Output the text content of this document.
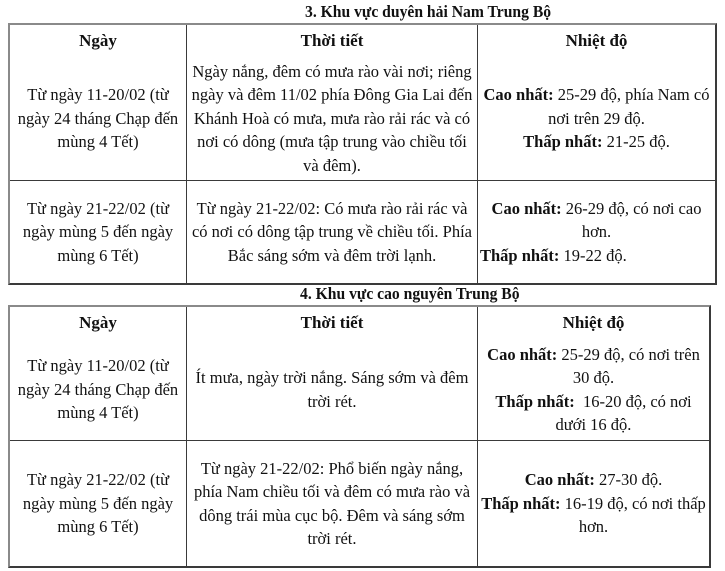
3. Khu vực duyên hải Nam Trung Bộ
Ngày	Thời tiết	Nhiệt độ
Từ ngày 11-20/02 (từ ngày 24 tháng Chạp đến mùng 4 Tết)	Ngày nắng, đêm có mưa rào vài nơi; riêng ngày và đêm 11/02 phía Đông Gia Lai đến Khánh Hoà có mưa, mưa rào rải rác và có nơi có dông (mưa tập trung vào chiều tối và đêm).	Cao nhất: 25-29 độ, phía Nam có nơi trên 29 độ.
Thấp nhất: 21-25 độ.

Từ ngày 21-22/02 (từ ngày mùng 5 đến ngày mùng 6 Tết)	Từ ngày 21-22/02: Có mưa rào rải rác và có nơi có dông tập trung về chiều tối. Phía Bắc sáng sớm và đêm trời lạnh.	Cao nhất: 26-29 độ, có nơi cao hơn.
Thấp nhất: 19-22 độ.
4. Khu vực cao nguyên Trung Bộ
Ngày	Thời tiết	Nhiệt độ
Từ ngày 11-20/02 (từ ngày 24 tháng Chạp đến mùng 4 Tết)	Ít mưa, ngày trời nắng. Sáng sớm và đêm trời rét.	Cao nhất: 25-29 độ, có nơi trên 30 độ.
Thấp nhất:  16-20 độ, có nơi dưới 16 độ.

Từ ngày 21-22/02 (từ ngày mùng 5 đến ngày mùng 6 Tết)	Từ ngày 21-22/02: Phổ biến ngày nắng, phía Nam chiều tối và đêm có mưa rào và dông trái mùa cục bộ. Đêm và sáng sớm trời rét.	Cao nhất: 27-30 độ.
Thấp nhất: 16-19 độ, có nơi thấp hơn.
